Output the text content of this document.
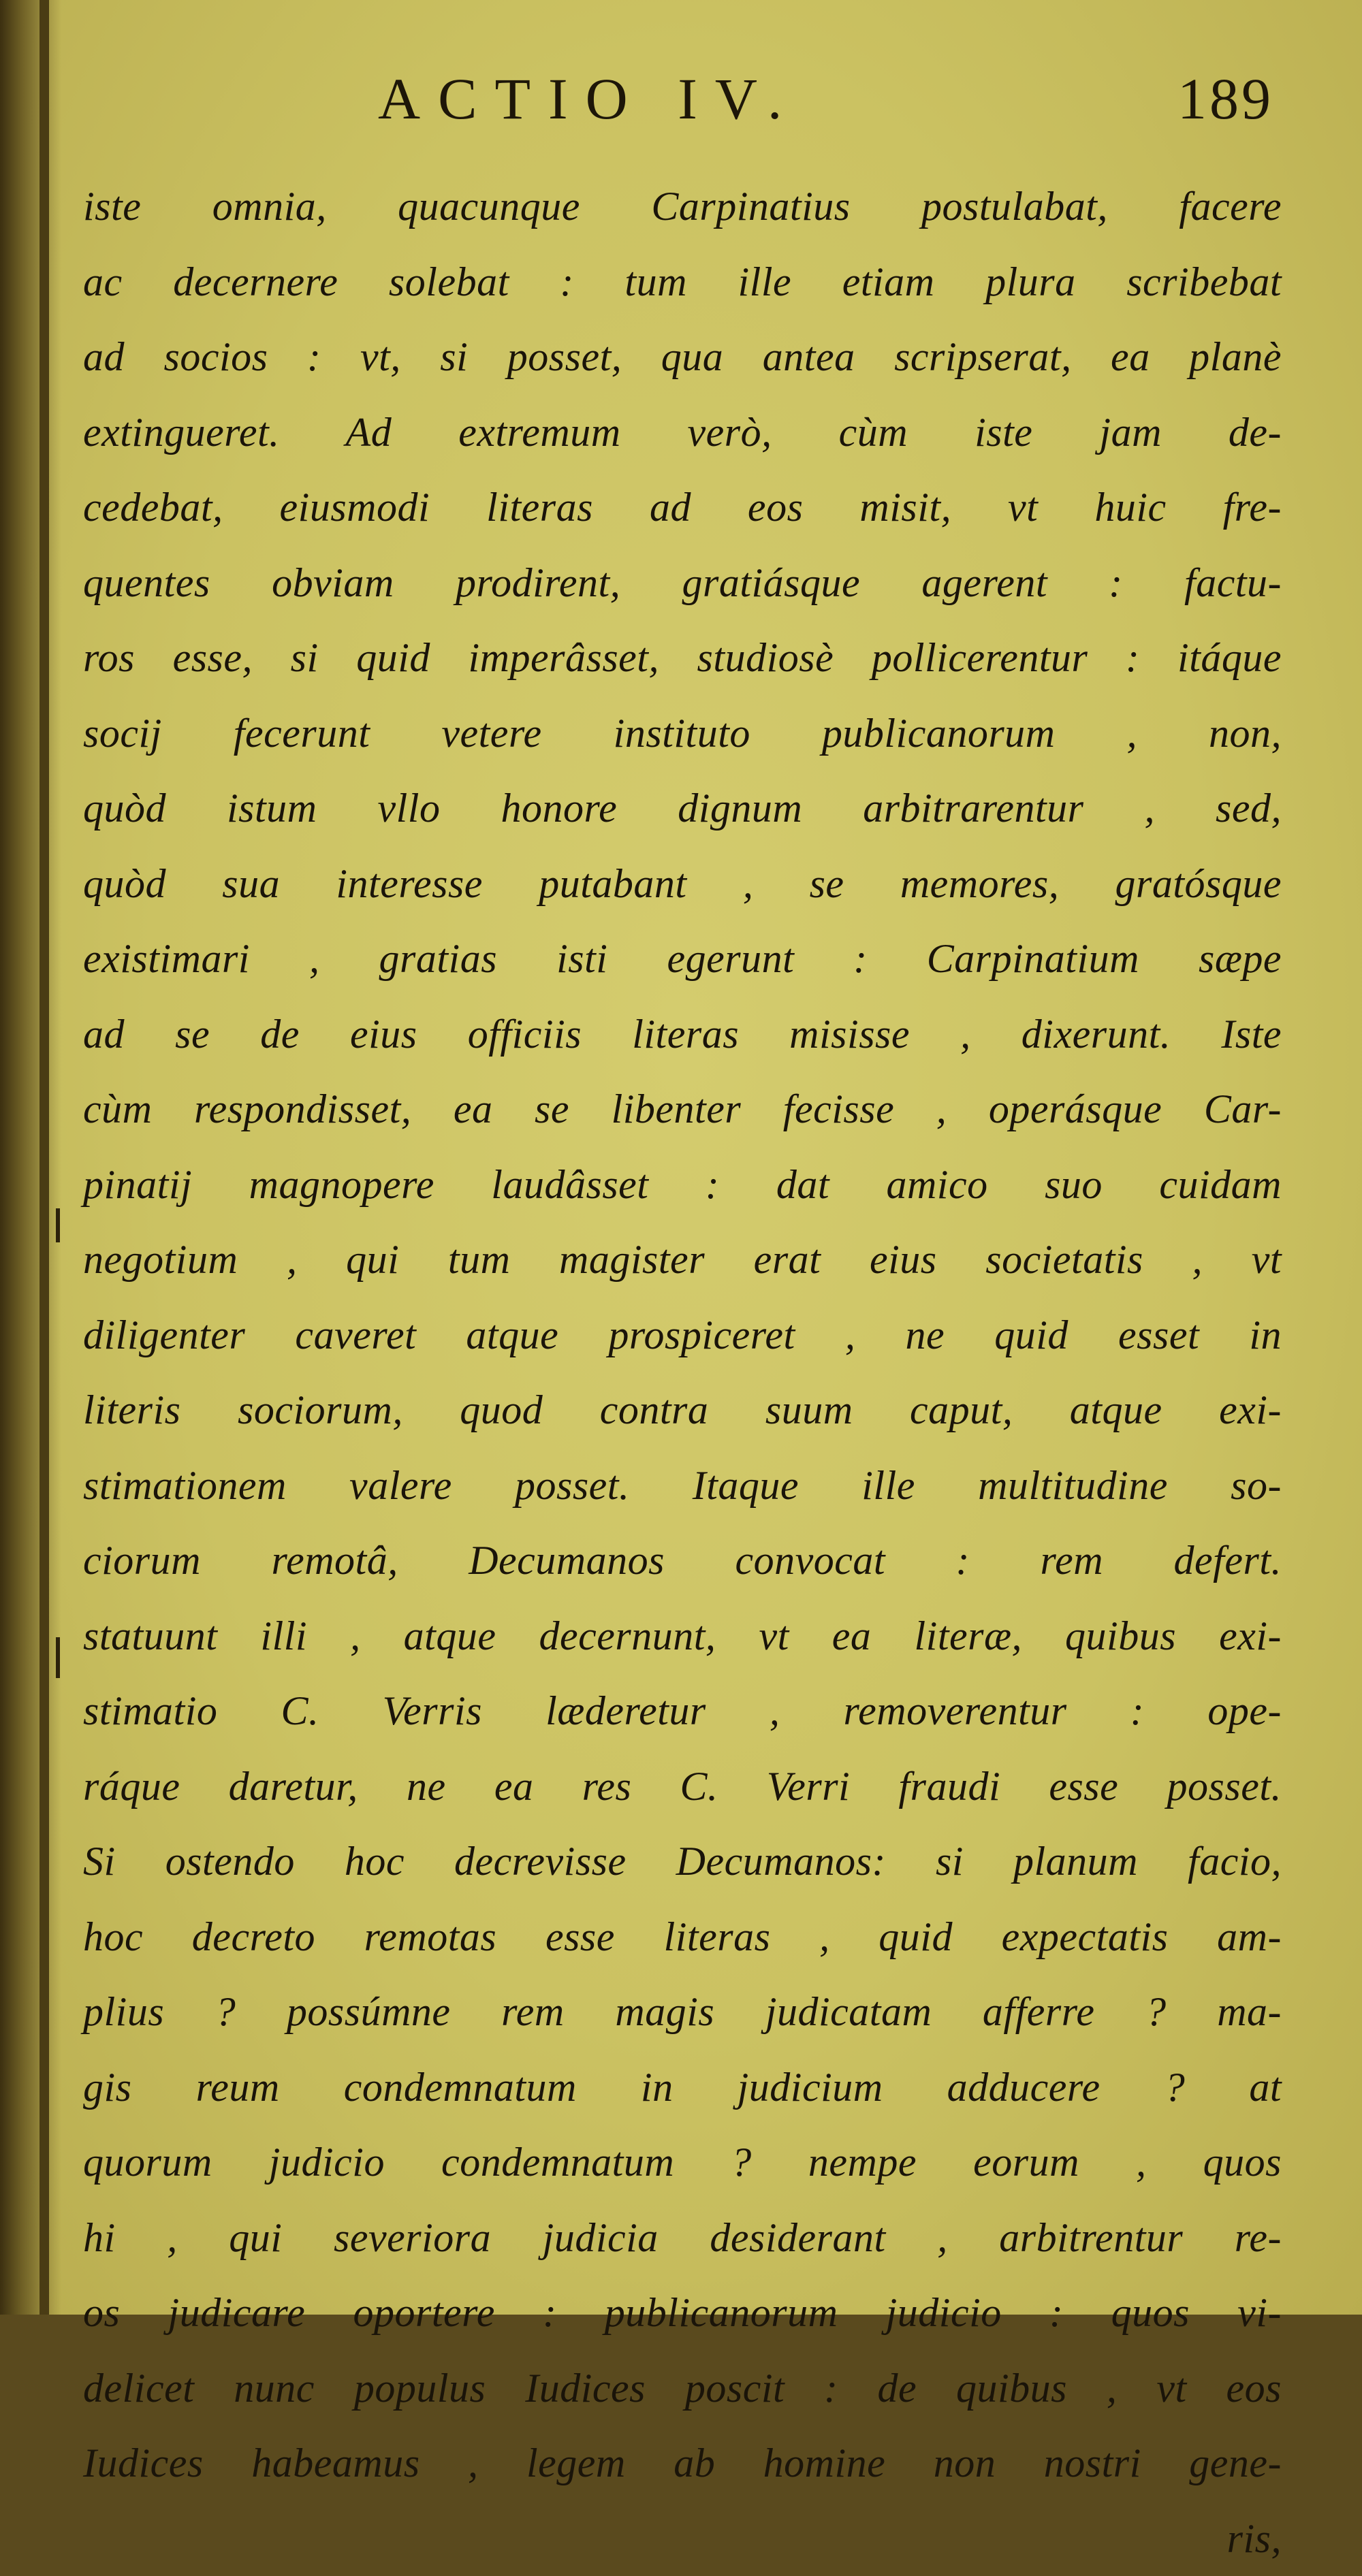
ACTIO IV.	189
iste omnia, quacunque Carpinatius postulabat, facere
ac decernere solebat : tum ille etiam plura scribebat
ad socios : vt, si posset, qua antea scripserat, ea planè
extingueret. Ad extremum verò, cùm iste jam de-
cedebat, eiusmodi literas ad eos misit, vt huic fre-
quentes obviam prodirent, gratiásque agerent : factu-
ros esse, si quid imperâsset, studiosè pollicerentur : itáque
socij fecerunt vetere instituto publicanorum , non,
quòd istum vllo honore dignum arbitrarentur , sed,
quòd sua interesse putabant , se memores, gratósque
existimari , gratias isti egerunt : Carpinatium sæpe
ad se de eius officiis literas misisse , dixerunt. Iste
cùm respondisset, ea se libenter fecisse , operásque Car-
pinatij magnopere laudâsset : dat amico suo cuidam
negotium , qui tum magister erat eius societatis , vt
diligenter caveret atque prospiceret , ne quid esset in
literis sociorum, quod contra suum caput, atque exi-
stimationem valere posset. Itaque ille multitudine so-
ciorum remotâ, Decumanos convocat : rem defert.
statuunt illi , atque decernunt, vt ea literæ, quibus exi-
stimatio C. Verris læderetur , removerentur : ope-
ráque daretur, ne ea res C. Verri fraudi esse posset.
Si ostendo hoc decrevisse Decumanos: si planum facio,
hoc decreto remotas esse literas , quid expectatis am-
plius ? possúmne rem magis judicatam afferre ? ma-
gis reum condemnatum in judicium adducere ? at
quorum judicio condemnatum ? nempe eorum , quos
hi , qui severiora judicia desiderant , arbitrentur re-
os judicare oportere : publicanorum judicio : quos vi-
delicet nunc populus Iudices poscit : de quibus , vt eos
Iudices habeamus , legem ab homine non nostri gene-
ris,
